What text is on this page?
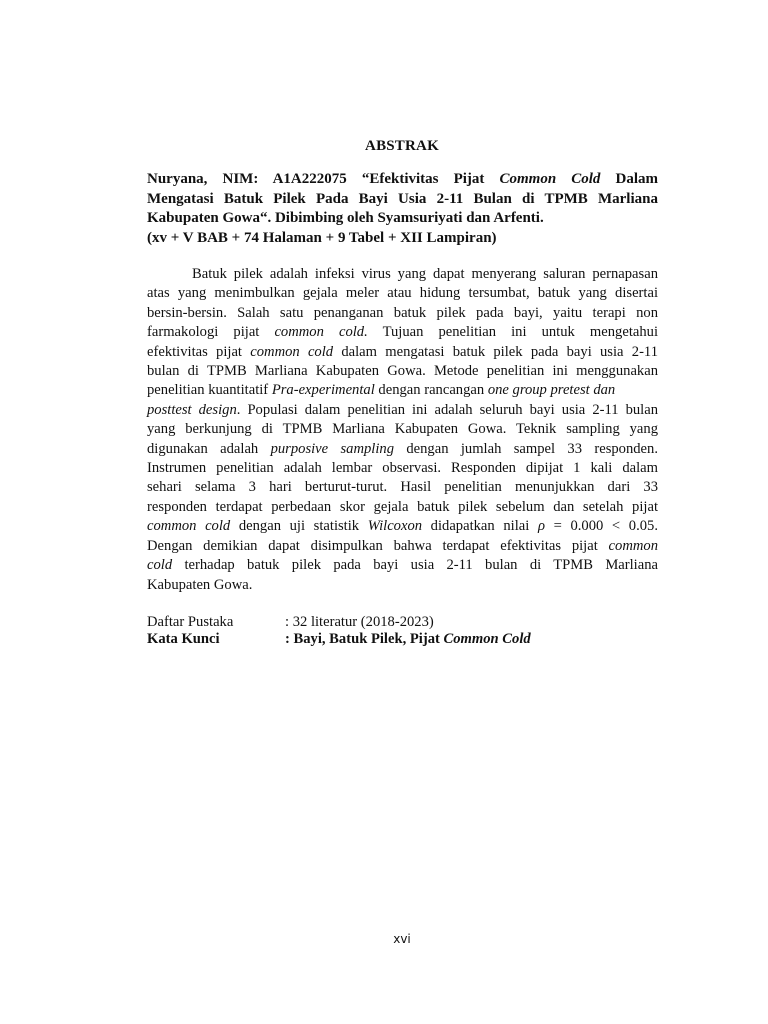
ABSTRAK
Nuryana, NIM: A1A222075 “Efektivitas Pijat Common Cold Dalam
Mengatasi Batuk Pilek Pada Bayi Usia 2-11 Bulan di TPMB Marliana
Kabupaten Gowa“. Dibimbing oleh Syamsuriyati dan Arfenti.
(xv + V BAB + 74 Halaman + 9 Tabel + XII Lampiran)
Batuk pilek adalah infeksi virus yang dapat menyerang saluran pernapasan
atas yang menimbulkan gejala meler atau hidung tersumbat, batuk yang disertai
bersin-bersin. Salah satu penanganan batuk pilek pada bayi, yaitu terapi non
farmakologi pijat common cold. Tujuan penelitian ini untuk mengetahui
efektivitas pijat common cold dalam mengatasi batuk pilek pada bayi usia 2-11
bulan di TPMB Marliana Kabupaten Gowa. Metode penelitian ini menggunakan
penelitian kuantitatif Pra-experimental dengan rancangan one group pretest dan
posttest design. Populasi dalam penelitian ini adalah seluruh bayi usia 2-11 bulan
yang berkunjung di TPMB Marliana Kabupaten Gowa. Teknik sampling yang
digunakan adalah purposive sampling dengan jumlah sampel 33 responden.
Instrumen penelitian adalah lembar observasi. Responden dipijat 1 kali dalam
sehari selama 3 hari berturut-turut. Hasil penelitian menunjukkan dari 33
responden terdapat perbedaan skor gejala batuk pilek sebelum dan setelah pijat
common cold dengan uji statistik Wilcoxon didapatkan nilai ρ = 0.000 < 0.05.
Dengan demikian dapat disimpulkan bahwa terdapat efektivitas pijat common
cold terhadap batuk pilek pada bayi usia 2-11 bulan di TPMB Marliana
Kabupaten Gowa.
Daftar Pustaka	: 32 literatur (2018-2023)
Kata Kunci	: Bayi, Batuk Pilek, Pijat Common Cold
xvi
